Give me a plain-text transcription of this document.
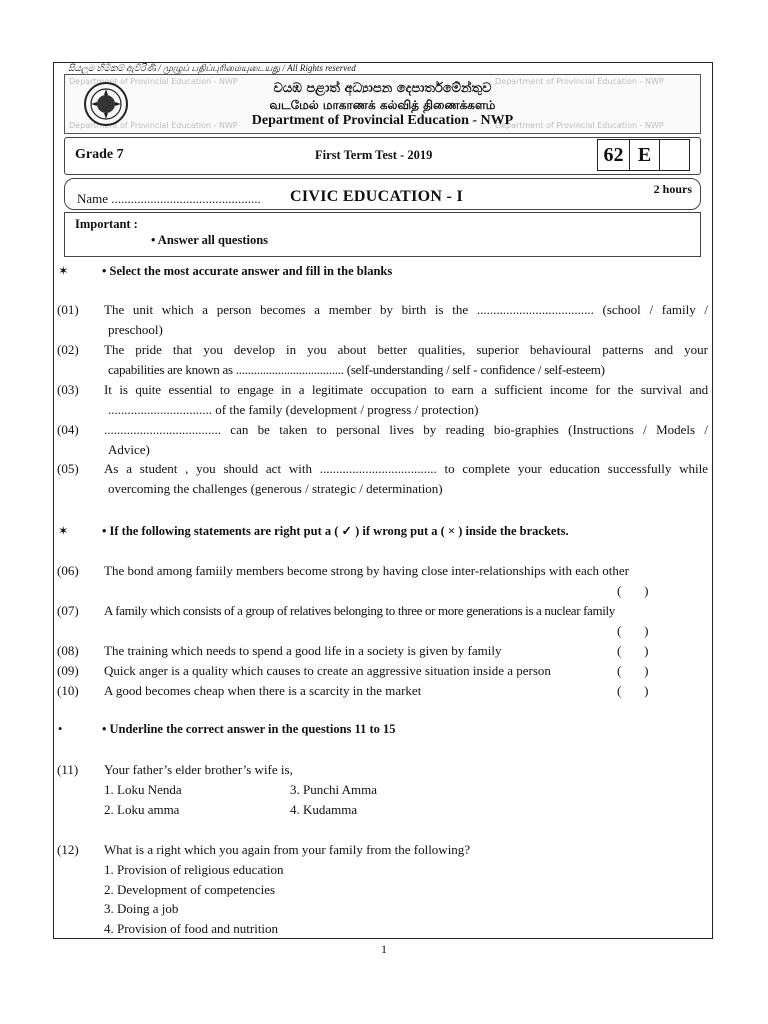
සියලුම හිමිකම් ඇවිරිණි / முழுப் பதிப்புரிமையுடையது / All Rights reserved
Department of Provincial Education - NWP	Department of Provincial Education - NWP
Department of Provincial Education - NWP	Department of Provincial Education - NWP
වයඹ පළාත් අධ්‍යාපන දෙපාර්තමේන්තුව
வடமேல் மாகாணக் கல்வித் திணைக்களம்
Department of Provincial Education - NWP
Grade 7	First Term Test - 2019	62 E
Name .............................................. CIVIC EDUCATION - I	2 hours
Important :
• Answer all questions
✶	• Select the most accurate answer and fill in the blanks
(01) The unit which a person becomes a member by birth is the .................................... (school / family /
preschool)
(02) The pride that you develop in you about better qualities, superior behavioural patterns and your
capabilities are known as .................................... (self-understanding / self - confidence / self-esteem)
(03) It is quite essential to engage in a legitimate occupation to earn a sufficient income for the survival and
................................ of the family (development / progress / protection)
(04) .................................... can be taken to personal lives by reading bio-graphies (Instructions / Models /
Advice)
(05) As a student , you should act with .................................... to complete your education successfully while
overcoming the challenges (generous / strategic / determination)
✶	• If the following statements are right put a ( ✓ ) if wrong put a ( × ) inside the brackets.
(06) The bond among famiily members become strong by having close inter-relationships with each other
(       )
(07) A family which consists of a group of relatives belonging to three or more generations is a nuclear family
(       )
(08) The training which needs to spend a good life in a society is given by family	(       )
(09) Quick anger is a quality which causes to create an aggressive situation inside a person	(       )
(10) A good becomes cheap when there is a scarcity in the market	(       )
•	• Underline the correct answer in the questions 11 to 15
(11) Your father’s elder brother’s wife is,
1. Loku Nenda	3. Punchi Amma
2. Loku amma	4. Kudamma
(12) What is a right which you again from your family from the following?
1. Provision of religious education
2. Development of competencies
3. Doing a job
4. Provision of food and nutrition
1
